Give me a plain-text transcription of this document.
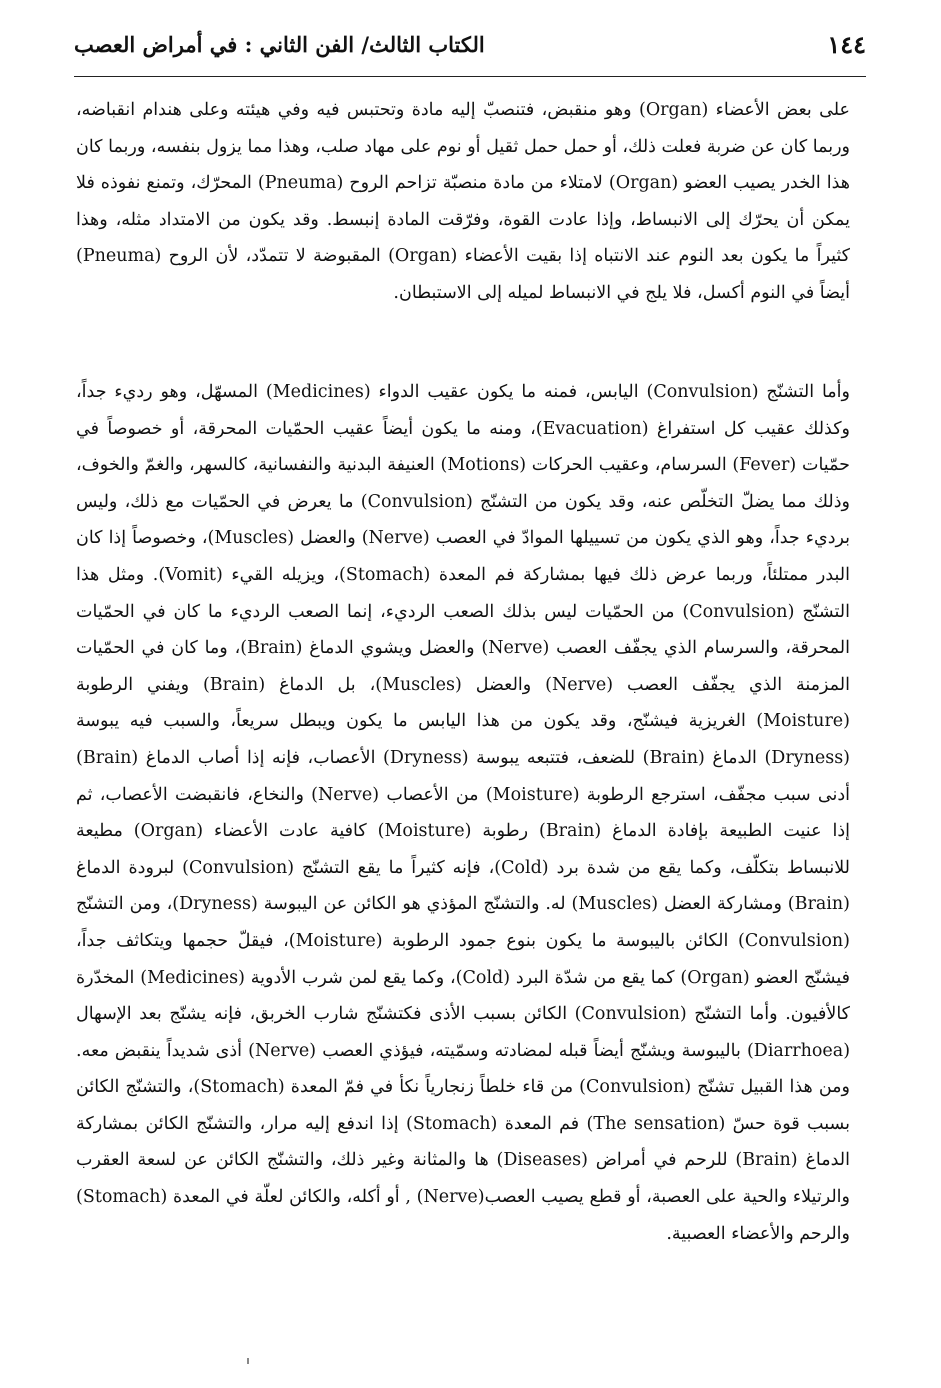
الكتاب الثالث/ الفن الثاني : في أمراض العصب	١٤٤

على بعض الأعضاء (Organ) وهو منقبض، فتنصبّ إليه مادة وتحتبس فيه وفي هيئته وعلى هندام انقباضه، وربما كان عن ضربة فعلت ذلك، أو حمل حمل ثقيل أو نوم على مهاد صلب، وهذا مما يزول بنفسه، وربما كان هذا الخدر يصيب العضو (Organ) لامتلاء من مادة منصبّة تزاحم الروح (Pneuma) المحرّك، وتمنع نفوذه فلا يمكن أن يحرّك إلى الانبساط، وإذا عادت القوة، وفرّقت المادة إنبسط. وقد يكون من الامتداد مثله، وهذا كثيراً ما يكون بعد النوم عند الانتباه إذا بقيت الأعضاء (Organ) المقبوضة لا تتمدّد، لأن الروح (Pneuma) أيضاً في النوم أكسل، فلا يلج في الانبساط لميله إلى الاستبطان.

وأما التشنّج (Convulsion) اليابس، فمنه ما يكون عقيب الدواء (Medicines) المسهّل، وهو رديء جداً، وكذلك عقيب كل استفراغ (Evacuation)، ومنه ما يكون أيضاً عقيب الحمّيات المحرقة، أو خصوصاً في حمّيات (Fever) السرسام، وعقيب الحركات (Motions) العنيفة البدنية والنفسانية، كالسهر، والغمّ والخوف، وذلك مما يضلّ التخلّص عنه، وقد يكون من التشنّج (Convulsion) ما يعرض في الحمّيات مع ذلك، وليس برديء جداً، وهو الذي يكون من تسييلها الموادّ في العصب (Nerve) والعضل (Muscles)، وخصوصاً إذا كان البدر ممتلئاً، وربما عرض ذلك فيها بمشاركة فم المعدة (Stomach)، ويزيله القيء (Vomit). ومثل هذا التشنّج (Convulsion) من الحمّيات ليس بذلك الصعب الرديء، إنما الصعب الرديء ما كان في الحمّيات المحرقة، والسرسام الذي يجفّف العصب (Nerve) والعضل ويشوي الدماغ (Brain)، وما كان في الحمّيات المزمنة الذي يجفّف العصب (Nerve) والعضل (Muscles)، بل الدماغ (Brain) ويفني الرطوبة (Moisture) الغريزية فيشنّج، وقد يكون من هذا اليابس ما يكون ويبطل سريعاً، والسبب فيه يبوسة (Dryness) الدماغ (Brain) للضعف، فتتبعه يبوسة (Dryness) الأعصاب، فإنه إذا أصاب الدماغ (Brain) أدنى سبب مجفّف، استرجع الرطوبة (Moisture) من الأعصاب (Nerve) والنخاع، فانقبضت الأعصاب، ثم إذا عنيت الطبيعة بإفادة الدماغ (Brain) رطوبة (Moisture) كافية عادت الأعضاء (Organ) مطيعة للانبساط بتكلّف، وكما يقع من شدة برد (Cold)، فإنه كثيراً ما يقع التشنّج (Convulsion) لبرودة الدماغ (Brain) ومشاركة العضل (Muscles) له. والتشنّج المؤذي هو الكائن عن اليبوسة (Dryness)، ومن التشنّج (Convulsion) الكائن باليبوسة ما يكون بنوع جمود الرطوبة (Moisture)، فيقلّ حجمها ويتكاثف جداً، فيشنّج العضو (Organ) كما يقع من شدّة البرد (Cold)، وكما يقع لمن شرب الأدوية (Medicines) المخدّرة كالأفيون. وأما التشنّج (Convulsion) الكائن بسبب الأذى فكتشنّج شارب الخربق، فإنه يشنّج بعد الإسهال (Diarrhoea) باليبوسة ويشنّج أيضاً قبله لمضادته وسمّيته، فيؤذي العصب (Nerve) أذى شديداً ينقبض معه. ومن هذا القبيل تشنّج (Convulsion) من قاء خلطاً زنجارياً نكأ في فمّ المعدة (Stomach)، والتشنّج الكائن بسبب قوة حسّ (The sensation) فم المعدة (Stomach) إذا اندفع إليه مرار، والتشنّج الكائن بمشاركة الدماغ (Brain) للرحم في أمراض (Diseases) ها والمثانة وغير ذلك، والتشنّج الكائن عن لسعة العقرب والرتيلاء والحية على العصبة، أو قطع يصيب العصب(Nerve) , أو أكله، والكائن لعلّة في المعدة (Stomach) والرحم والأعضاء العصبية.
